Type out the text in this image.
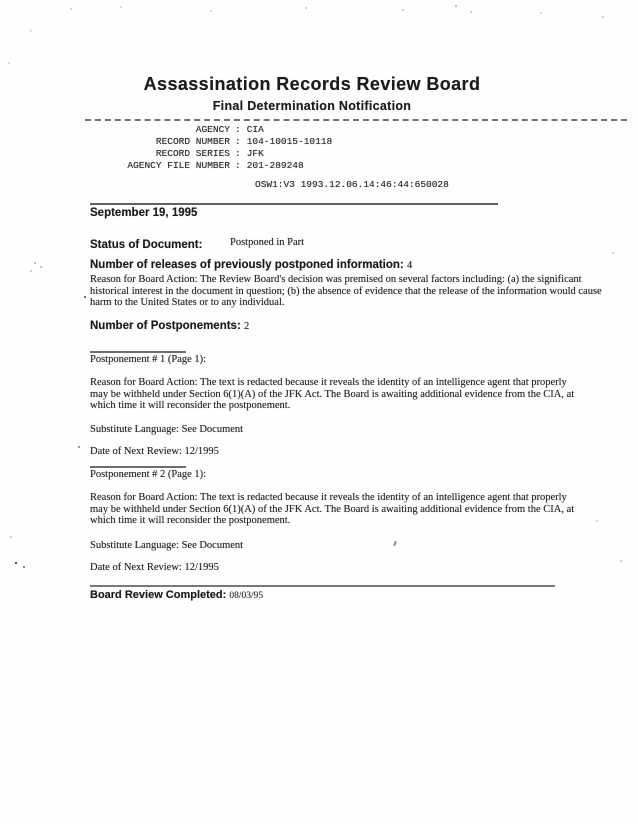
Assassination Records Review Board
Final Determination Notification
AGENCY : CIA
RECORD NUMBER : 104-10015-10118
RECORD SERIES : JFK
AGENCY FILE NUMBER : 201-289248
OSW1:V3 1993.12.06.14:46:44:650028
September 19, 1995
Status of Document:	Postponed in Part
Number of releases of previously postponed information: 4
Reason for Board Action: The Review Board's decision was premised on several factors including: (a) the significant historical interest in the document in question; (b) the absence of evidence that the release of the information would cause harm to the United States or to any individual.
Number of Postponements: 2
Postponement # 1 (Page 1):
Reason for Board Action: The text is redacted because it reveals the identity of an intelligence agent that properly may be withheld under Section 6(1)(A) of the JFK Act. The Board is awaiting additional evidence from the CIA, at which time it will reconsider the postponement.
Substitute Language: See Document
Date of Next Review: 12/1995
Postponement # 2 (Page 1):
Reason for Board Action: The text is redacted because it reveals the identity of an intelligence agent that properly may be withheld under Section 6(1)(A) of the JFK Act. The Board is awaiting additional evidence from the CIA, at which time it will reconsider the postponement.
Substitute Language: See Document
Date of Next Review: 12/1995
Board Review Completed: 08/03/95
